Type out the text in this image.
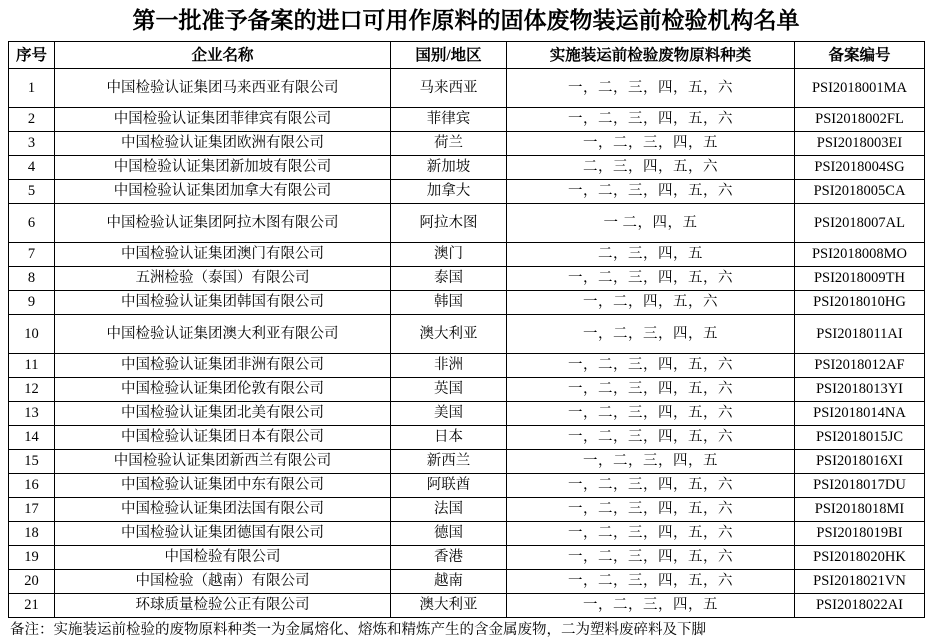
第一批准予备案的进口可用作原料的固体废物装运前检验机构名单
序号	企业名称	国别/地区	实施装运前检验废物原料种类	备案编号
1	中国检验认证集团马来西亚有限公司	马来西亚	一，二，三，四，五，六	PSI2018001MA
2	中国检验认证集团菲律宾有限公司	菲律宾	一，二，三，四，五，六	PSI2018002FL
3	中国检验认证集团欧洲有限公司	荷兰	一，二，三，四，五	PSI2018003EI
4	中国检验认证集团新加坡有限公司	新加坡	二，三，四，五，六	PSI2018004SG
5	中国检验认证集团加拿大有限公司	加拿大	一，二，三，四，五，六	PSI2018005CA
6	中国检验认证集团阿拉木图有限公司	阿拉木图	一 二，四，五	PSI2018007AL
7	中国检验认证集团澳门有限公司	澳门	二，三，四，五	PSI2018008MO
8	五洲检验（泰国）有限公司	泰国	一，二，三，四，五，六	PSI2018009TH
9	中国检验认证集团韩国有限公司	韩国	一，二，四，五，六	PSI2018010HG
10	中国检验认证集团澳大利亚有限公司	澳大利亚	一，二，三，四，五	PSI2018011AI
11	中国检验认证集团非洲有限公司	非洲	一，二，三，四，五，六	PSI2018012AF
12	中国检验认证集团伦敦有限公司	英国	一，二，三，四，五，六	PSI2018013YI
13	中国检验认证集团北美有限公司	美国	一，二，三，四，五，六	PSI2018014NA
14	中国检验认证集团日本有限公司	日本	一，二，三，四，五，六	PSI2018015JC
15	中国检验认证集团新西兰有限公司	新西兰	一，二，三，四，五	PSI2018016XI
16	中国检验认证集团中东有限公司	阿联酋	一，二，三，四，五，六	PSI2018017DU
17	中国检验认证集团法国有限公司	法国	一，二，三，四，五，六	PSI2018018MI
18	中国检验认证集团德国有限公司	德国	一，二，三，四，五，六	PSI2018019BI
19	中国检验有限公司	香港	一，二，三，四，五，六	PSI2018020HK
20	中国检验（越南）有限公司	越南	一，二，三，四，五，六	PSI2018021VN
21	环球质量检验公正有限公司	澳大利亚	一，二，三，四，五	PSI2018022AI
备注：实施装运前检验的废物原料种类一为金属熔化、熔炼和精炼产生的含金属废物，二为塑料废碎料及下脚
